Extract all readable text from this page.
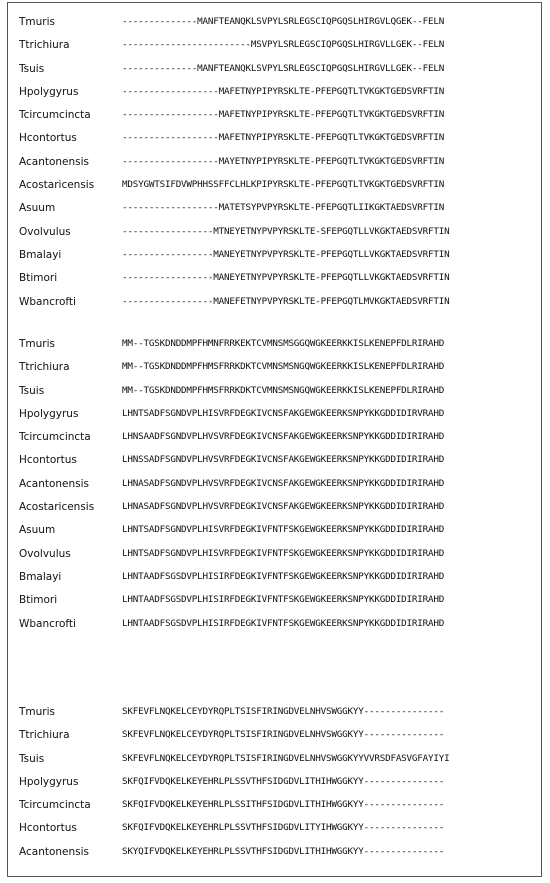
Tmuris	--------------MANFTEANQKLSVPYLSRLEGSCIQPGQSLHIRGVLQGEK--FELN
Ttrichiura	------------------------MSVPYLSRLEGSCIQPGQSLHIRGVLLGEK--FELN
Tsuis	--------------MANFTEANQKLSVPYLSRLEGSCIQPGQSLHIRGVLLGEK--FELN
Hpolygyrus	------------------MAFETNYPIPYRSKLTE-PFEPGQTLTVKGKTGEDSVRFTIN
Tcircumcincta	------------------MAFETNYPIPYRSKLTE-PFEPGQTLTVKGKTGEDSVRFTIN
Hcontortus	------------------MAFETNYPIPYRSKLTE-PFEPGQTLTVKGKTGEDSVRFTIN
Acantonensis	------------------MAYETNYPIPYRSKLTE-PFEPGQTLTVKGKTGEDSVRFTIN
Acostaricensis	MDSYGWTSIFDVWPHHSSFFCLHLKPIPYRSKLTE-PFEPGQTLTVKGKTGEDSVRFTIN
Asuum	------------------MATETSYPVPYRSKLTE-PFEPGQTLIIKGKTAEDSVRFTIN
Ovolvulus	-----------------MTNEYETNYPVPYRSKLTE-SFEPGQTLLVKGKTAEDSVRFTIN
Bmalayi	-----------------MANEYETNYPVPYRSKLTE-PFEPGQTLLVKGKTAEDSVRFTIN
Btimori	-----------------MANEYETNYPVPYRSKLTE-PFEPGQTLLVKGKTAEDSVRFTIN
Wbancrofti	-----------------MANEFETNYPVPYRSKLTE-PFEPGQTLMVKGKTAEDSVRFTIN
Tmuris	MM--TGSKDNDDMPFHMNFRRKEKTCVMNSMSGGQWGKEERKKISLKENEPFDLRIRAHD
Ttrichiura	MM--TGSKDNDDMPFHMSFRRKDKTCVMNSMSNGQWGKEERKKISLKENEPFDLRIRAHD
Tsuis	MM--TGSKDNDDMPFHMSFRRKDKTCVMNSMSNGQWGKEERKKISLKENEPFDLRIRAHD
Hpolygyrus	LHNTSADFSGNDVPLHISVRFDEGKIVCNSFAKGEWGKEERKSNPYKKGDDIDIRVRAHD
Tcircumcincta	LHNSAADFSGNDVPLHVSVRFDEGKIVCNSFAKGEWGKEERKSNPYKKGDDIDIRIRAHD
Hcontortus	LHNSSADFSGNDVPLHVSVRFDEGKIVCNSFAKGEWGKEERKSNPYKKGDDIDIRIRAHD
Acantonensis	LHNASADFSGNDVPLHVSVRFDEGKIVCNSFAKGEWGKEERKSNPYKKGDDIDIRIRAHD
Acostaricensis	LHNASADFSGNDVPLHVSVRFDEGKIVCNSFAKGEWGKEERKSNPYKKGDDIDIRIRAHD
Asuum	LHNTSADFSGNDVPLHISVRFDEGKIVFNTFSKGEWGKEERKSNPYKKGDDIDIRIRAHD
Ovolvulus	LHNTSADFSGNDVPLHISVRFDEGKIVFNTFSKGEWGKEERKSNPYKKGDDIDIRIRAHD
Bmalayi	LHNTAADFSGSDVPLHISIRFDEGKIVFNTFSKGEWGKEERKSNPYKKGDDIDIRIRAHD
Btimori	LHNTAADFSGSDVPLHISIRFDEGKIVFNTFSKGEWGKEERKSNPYKKGDDIDIRIRAHD
Wbancrofti	LHNTAADFSGSDVPLHISIRFDEGKIVFNTFSKGEWGKEERKSNPYKKGDDIDIRIRAHD
Tmuris	SKFEVFLNQKELCEYDYRQPLTSISFIRINGDVELNHVSWGGKYY---------------
Ttrichiura	SKFEVFLNQKELCEYDYRQPLTSISFIRINGDVELNHVSWGGKYY---------------
Tsuis	SKFEVFLNQKELCEYDYRQPLTSISFIRINGDVELNHVSWGGKYYVVRSDFASVGFAYIYI
Hpolygyrus	SKFQIFVDQKELKEYEHRLPLSSVTHFSIDGDVLITHIHWGGKYY---------------
Tcircumcincta	SKFQIFVDQKELKEYEHRLPLSSITHFSIDGDVLITHIHWGGKYY---------------
Hcontortus	SKFQIFVDQKELKEYEHRLPLSSVTHFSIDGDVLITYIHWGGKYY---------------
Acantonensis	SKYQIFVDQKELKEYEHRLPLSSVTHFSIDGDVLITHIHWGGKYY---------------
